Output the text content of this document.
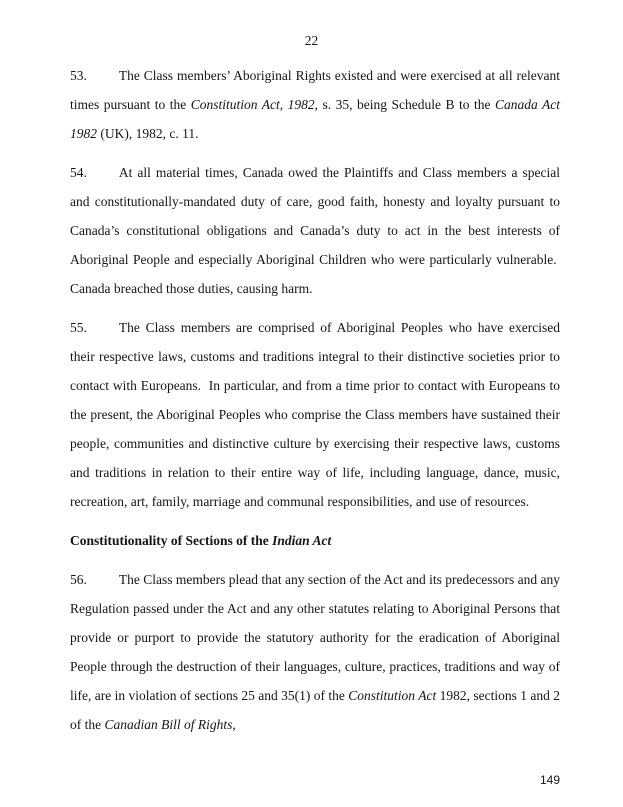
22

53. The Class members’ Aboriginal Rights existed and were exercised at all relevant times pursuant to the Constitution Act, 1982, s. 35, being Schedule B to the Canada Act 1982 (UK), 1982, c. 11.

54. At all material times, Canada owed the Plaintiffs and Class members a special and constitutionally-mandated duty of care, good faith, honesty and loyalty pursuant to Canada’s constitutional obligations and Canada’s duty to act in the best interests of Aboriginal People and especially Aboriginal Children who were particularly vulnerable.  Canada breached those duties, causing harm.

55. The Class members are comprised of Aboriginal Peoples who have exercised their respective laws, customs and traditions integral to their distinctive societies prior to contact with Europeans.  In particular, and from a time prior to contact with Europeans to the present, the Aboriginal Peoples who comprise the Class members have sustained their people, communities and distinctive culture by exercising their respective laws, customs and traditions in relation to their entire way of life, including language, dance, music, recreation, art, family, marriage and communal responsibilities, and use of resources.

Constitutionality of Sections of the Indian Act

56. The Class members plead that any section of the Act and its predecessors and any Regulation passed under the Act and any other statutes relating to Aboriginal Persons that provide or purport to provide the statutory authority for the eradication of Aboriginal People through the destruction of their languages, culture, practices, traditions and way of life, are in violation of sections 25 and 35(1) of the Constitution Act 1982, sections 1 and 2 of the Canadian Bill of Rights,

149
